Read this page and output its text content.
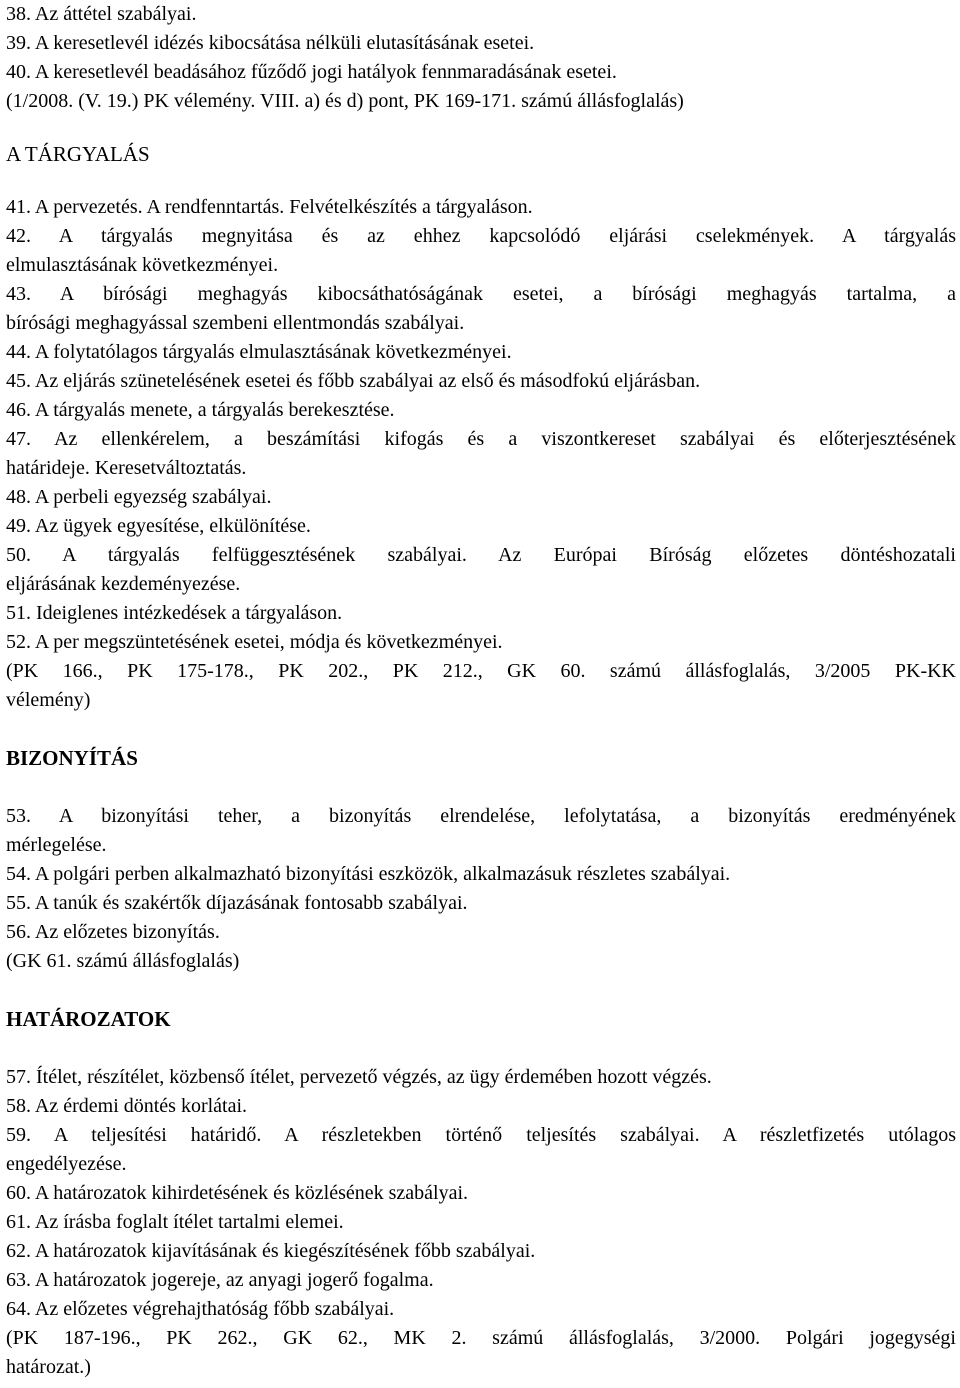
38. Az áttétel szabályai.
39. A keresetlevél idézés kibocsátása nélküli elutasításának esetei.
40. A keresetlevél beadásához fűződő jogi hatályok fennmaradásának esetei.
(1/2008. (V. 19.) PK vélemény. VIII. a) és d) pont, PK 169-171. számú állásfoglalás)
A TÁRGYALÁS
41. A pervezetés. A rendfenntartás. Felvételkészítés a tárgyaláson.
42. A tárgyalás megnyitása és az ehhez kapcsolódó eljárási cselekmények. A tárgyalás
elmulasztásának következményei.
43. A bírósági meghagyás kibocsáthatóságának esetei, a bírósági meghagyás tartalma, a
bírósági meghagyással szembeni ellentmondás szabályai.
44. A folytatólagos tárgyalás elmulasztásának következményei.
45. Az eljárás szünetelésének esetei és főbb szabályai az első és másodfokú eljárásban.
46. A tárgyalás menete, a tárgyalás berekesztése.
47. Az ellenkérelem, a beszámítási kifogás és a viszontkereset szabályai és előterjesztésének
határideje. Keresetváltoztatás.
48. A perbeli egyezség szabályai.
49. Az ügyek egyesítése, elkülönítése.
50. A tárgyalás felfüggesztésének szabályai. Az Európai Bíróság előzetes döntéshozatali
eljárásának kezdeményezése.
51. Ideiglenes intézkedések a tárgyaláson.
52. A per megszüntetésének esetei, módja és következményei.
(PK 166., PK 175-178., PK 202., PK 212., GK 60. számú állásfoglalás, 3/2005 PK-KK
vélemény)
BIZONYÍTÁS
53. A bizonyítási teher, a bizonyítás elrendelése, lefolytatása, a bizonyítás eredményének
mérlegelése.
54. A polgári perben alkalmazható bizonyítási eszközök, alkalmazásuk részletes szabályai.
55. A tanúk és szakértők díjazásának fontosabb szabályai.
56. Az előzetes bizonyítás.
(GK 61. számú állásfoglalás)
HATÁROZATOK
57. Ítélet, részítélet, közbenső ítélet, pervezető végzés, az ügy érdemében hozott végzés.
58. Az érdemi döntés korlátai.
59. A teljesítési határidő. A részletekben történő teljesítés szabályai. A részletfizetés utólagos
engedélyezése.
60. A határozatok kihirdetésének és közlésének szabályai.
61. Az írásba foglalt ítélet tartalmi elemei.
62. A határozatok kijavításának és kiegészítésének főbb szabályai.
63. A határozatok jogereje, az anyagi jogerő fogalma.
64. Az előzetes végrehajthatóság főbb szabályai.
(PK 187-196., PK 262., GK 62., MK 2. számú állásfoglalás, 3/2000. Polgári jogegységi
határozat.)
